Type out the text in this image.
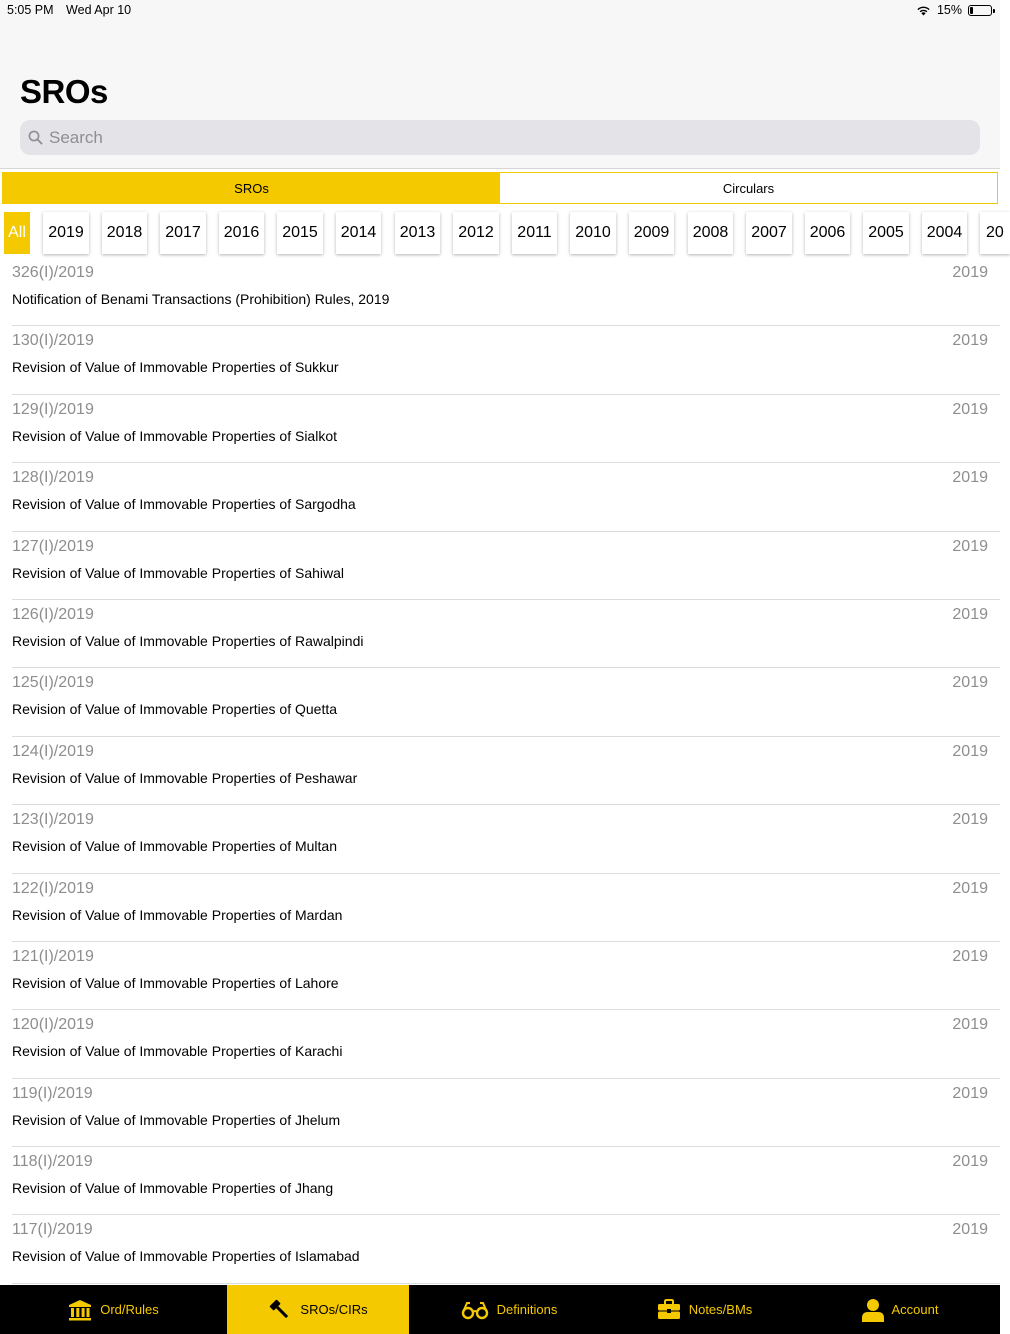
5:05 PM Wed Apr 10	15%
SROs
Search
SROs	Circulars
All	2019	2018	2017	2016	2015	2014 2013	2012	2011	2010	2009 2008	2007	2006	2005	2004	20
326(I)/2019	2019
Notification of Benami Transactions (Prohibition) Rules, 2019
130(I)/2019	2019
Revision of Value of Immovable Properties of Sukkur
129(I)/2019	2019
Revision of Value of Immovable Properties of Sialkot
128(I)/2019	2019
Revision of Value of Immovable Properties of Sargodha
127(I)/2019	2019
Revision of Value of Immovable Properties of Sahiwal
126(I)/2019	2019
Revision of Value of Immovable Properties of Rawalpindi
125(I)/2019	2019
Revision of Value of Immovable Properties of Quetta
124(I)/2019	2019
Revision of Value of Immovable Properties of Peshawar
123(I)/2019	2019
Revision of Value of Immovable Properties of Multan
122(I)/2019	2019
Revision of Value of Immovable Properties of Mardan
121(I)/2019	2019
Revision of Value of Immovable Properties of Lahore
120(I)/2019	2019
Revision of Value of Immovable Properties of Karachi
119(I)/2019	2019
Revision of Value of Immovable Properties of Jhelum
118(I)/2019	2019
Revision of Value of Immovable Properties of Jhang
117(I)/2019	2019
Revision of Value of Immovable Properties of Islamabad
Ord/Rules	SROs/CIRs	Definitions	Notes/BMs	Account
